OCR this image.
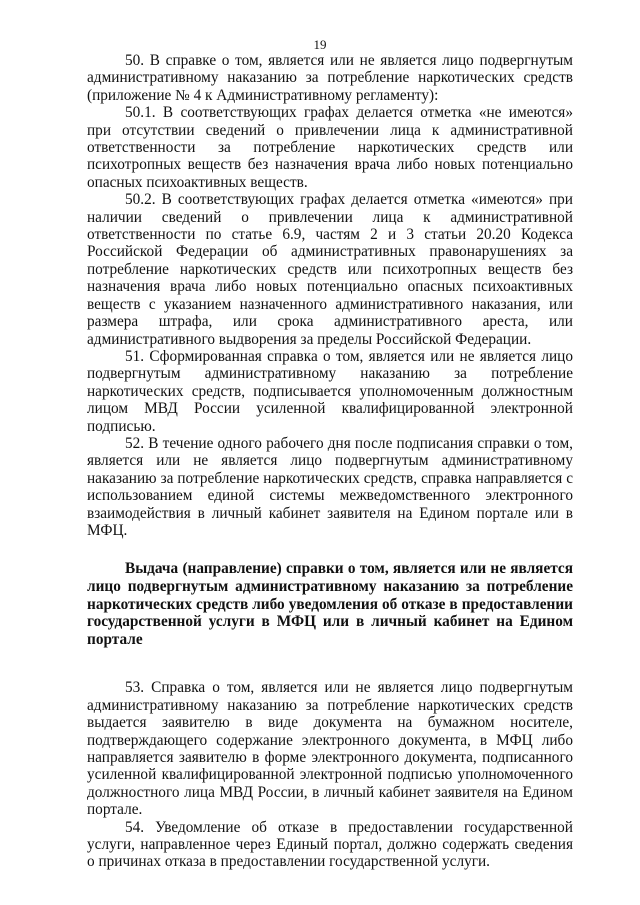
19

50. В справке о том, является или не является лицо подвергнутым административному наказанию за потребление наркотических средств (приложение № 4 к Административному регламенту):

50.1. В соответствующих графах делается отметка «не имеются» при отсутствии сведений о привлечении лица к административной ответственности за потребление наркотических средств или психотропных веществ без назначения врача либо новых потенциально опасных психоактивных веществ.

50.2. В соответствующих графах делается отметка «имеются» при наличии сведений о привлечении лица к административной ответственности по статье 6.9, частям 2 и 3 статьи 20.20 Кодекса Российской Федерации об административных правонарушениях за потребление наркотических средств или психотропных веществ без назначения врача либо новых потенциально опасных психоактивных веществ с указанием назначенного административного наказания, или размера штрафа, или срока административного ареста, или административного выдворения за пределы Российской Федерации.

51. Сформированная справка о том, является или не является лицо подвергнутым административному наказанию за потребление наркотических средств, подписывается уполномоченным должностным лицом МВД России усиленной квалифицированной электронной подписью.

52. В течение одного рабочего дня после подписания справки о том, является или не является лицо подвергнутым административному наказанию за потребление наркотических средств, справка направляется с использованием единой системы межведомственного электронного взаимодействия в личный кабинет заявителя на Едином портале или в МФЦ.

Выдача (направление) справки о том, является или не является лицо подвергнутым административному наказанию за потребление наркотических средств либо уведомления об отказе в предоставлении государственной услуги в МФЦ или в личный кабинет на Едином портале

53. Справка о том, является или не является лицо подвергнутым административному наказанию за потребление наркотических средств выдается заявителю в виде документа на бумажном носителе, подтверждающего содержание электронного документа, в МФЦ либо направляется заявителю в форме электронного документа, подписанного усиленной квалифицированной электронной подписью уполномоченного должностного лица МВД России, в личный кабинет заявителя на Едином портале.

54. Уведомление об отказе в предоставлении государственной услуги, направленное через Единый портал, должно содержать сведения о причинах отказа в предоставлении государственной услуги.
